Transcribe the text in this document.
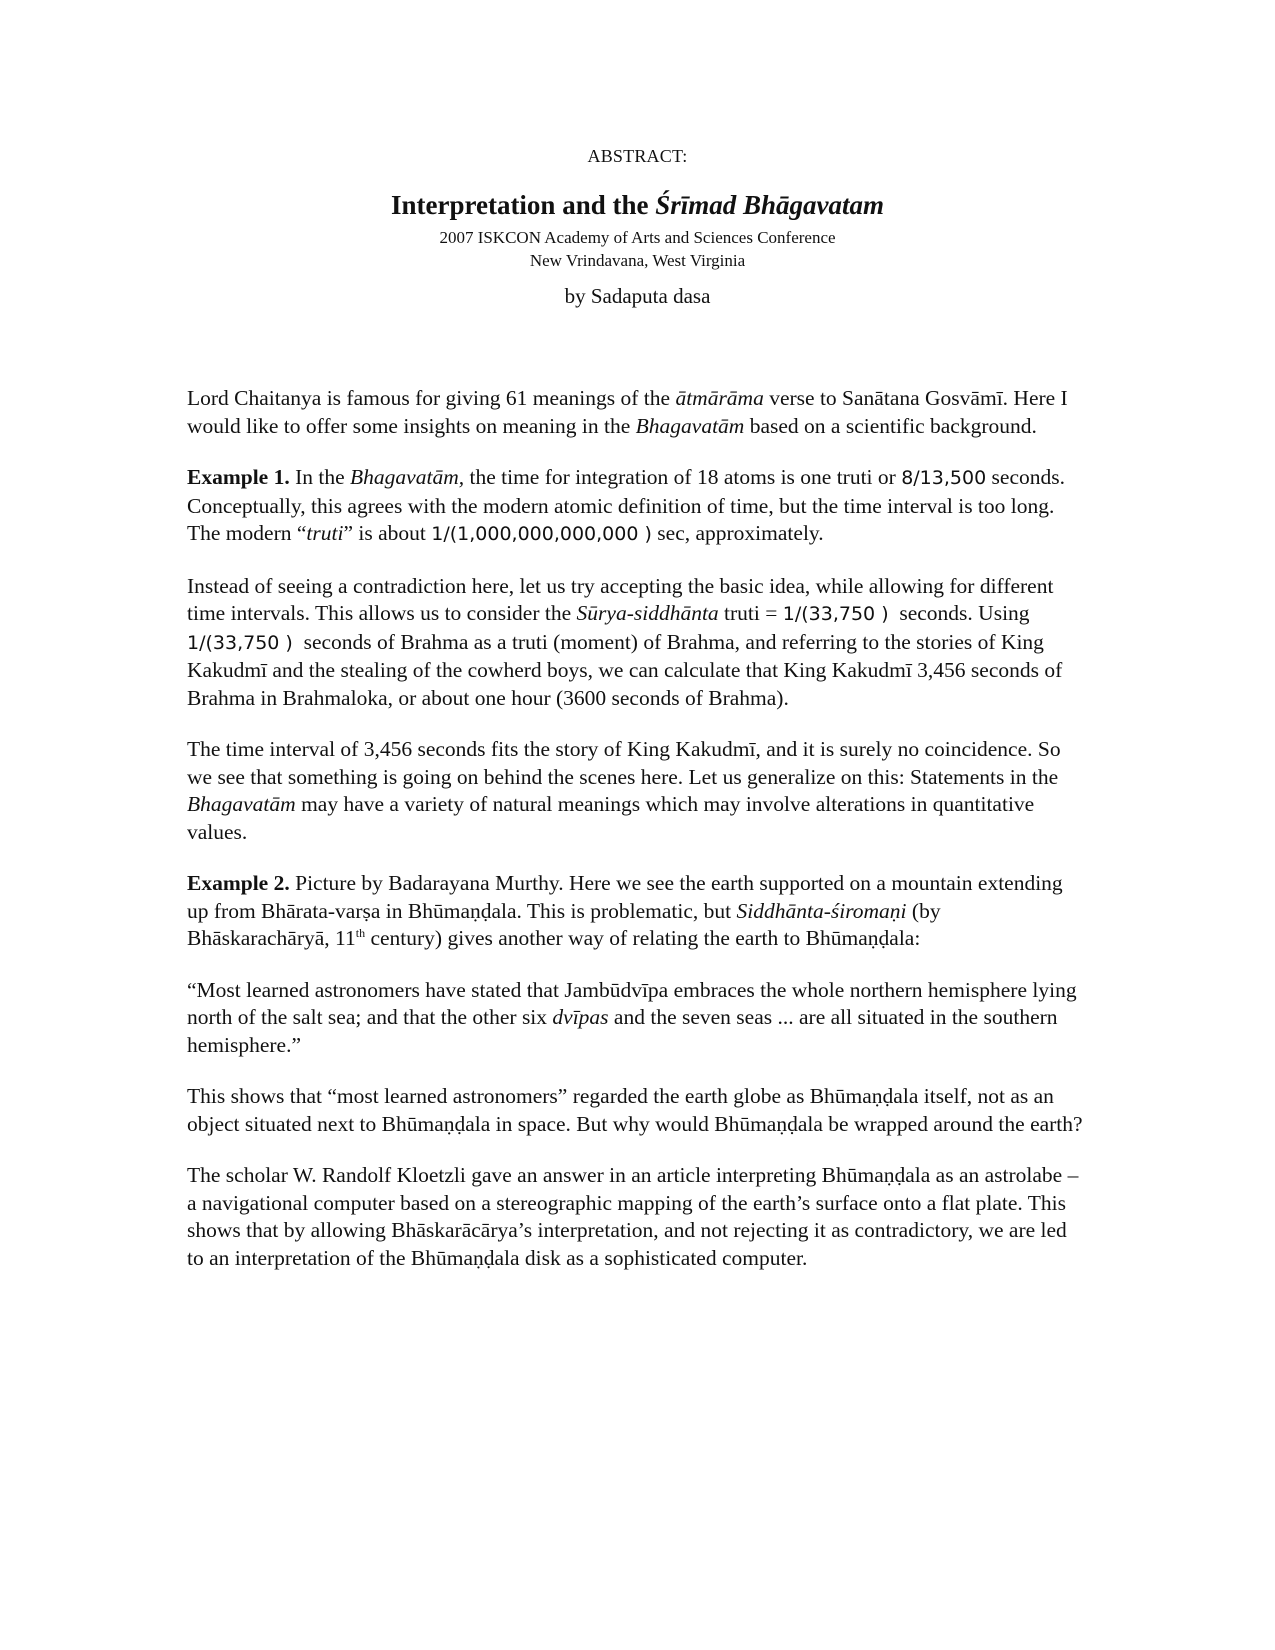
ABSTRACT:
Interpretation and the Śrīmad Bhāgavatam
2007 ISKCON Academy of Arts and Sciences Conference
New Vrindavana, West Virginia
by Sadaputa dasa

Lord Chaitanya is famous for giving 61 meanings of the ātmārāma verse to Sanātana Gosvāmī. Here I would like to offer some insights on meaning in the Bhagavatām based on a scientific background.

Example 1. In the Bhagavatām, the time for integration of 18 atoms is one truti or 8/13,500 seconds. Conceptually, this agrees with the modern atomic definition of time, but the time interval is too long. The modern “truti” is about 1/(1,000,000,000,000 ) sec, approximately.

Instead of seeing a contradiction here, let us try accepting the basic idea, while allowing for different time intervals. This allows us to consider the Sūrya-siddhānta truti = 1/(33,750 )  seconds. Using 1/(33,750 )  seconds of Brahma as a truti (moment) of Brahma, and referring to the stories of King Kakudmī and the stealing of the cowherd boys, we can calculate that King Kakudmī 3,456 seconds of Brahma in Brahmaloka, or about one hour (3600 seconds of Brahma).

The time interval of 3,456 seconds fits the story of King Kakudmī, and it is surely no coincidence. So we see that something is going on behind the scenes here. Let us generalize on this: Statements in the Bhagavatām may have a variety of natural meanings which may involve alterations in quantitative values.

Example 2. Picture by Badarayana Murthy. Here we see the earth supported on a mountain extending up from Bhārata-varṣa in Bhūmaṇḍala. This is problematic, but Siddhānta-śiromaṇi (by Bhāskarachāryā, 11th century) gives another way of relating the earth to Bhūmaṇḍala:

“Most learned astronomers have stated that Jambūdvīpa embraces the whole northern hemisphere lying north of the salt sea; and that the other six dvīpas and the seven seas ... are all situated in the southern hemisphere.”

This shows that “most learned astronomers” regarded the earth globe as Bhūmaṇḍala itself, not as an object situated next to Bhūmaṇḍala in space. But why would Bhūmaṇḍala be wrapped around the earth?

The scholar W. Randolf Kloetzli gave an answer in an article interpreting Bhūmaṇḍala as an astrolabe – a navigational computer based on a stereographic mapping of the earth’s surface onto a flat plate. This shows that by allowing Bhāskarācārya’s interpretation, and not rejecting it as contradictory, we are led to an interpretation of the Bhūmaṇḍala disk as a sophisticated computer.
